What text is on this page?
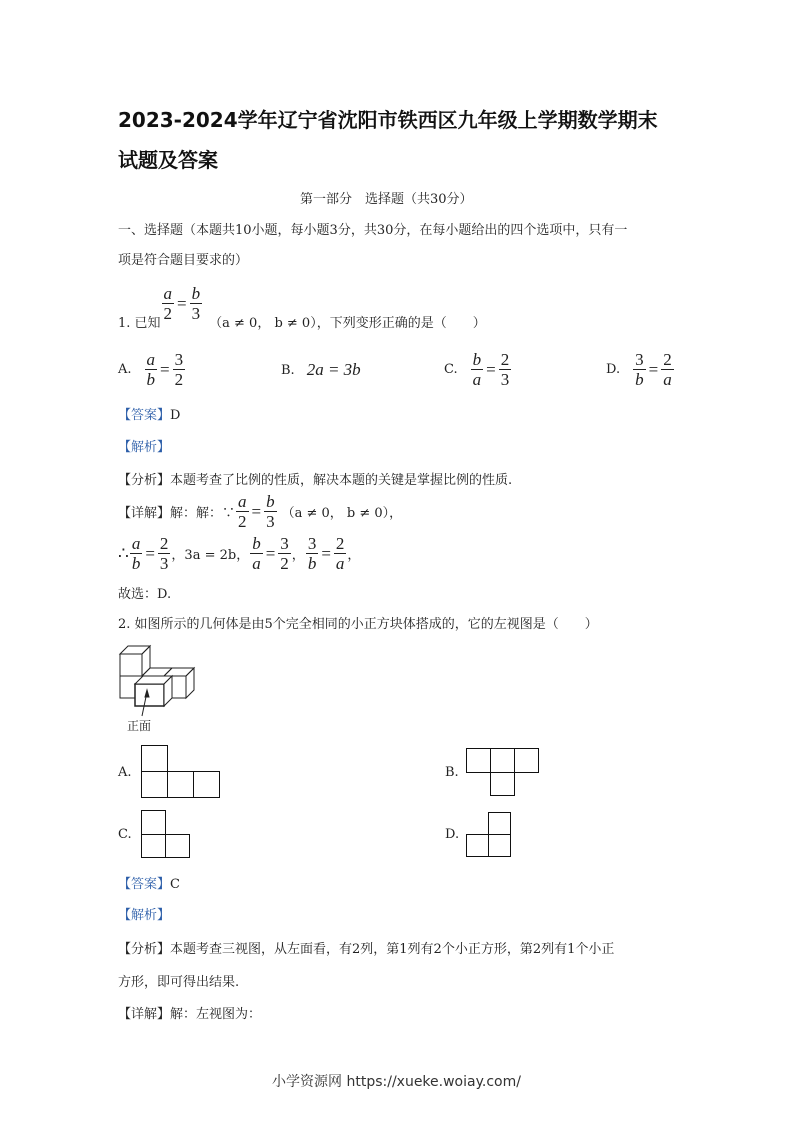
2023-2024学年辽宁省沈阳市铁西区九年级上学期数学期末
试题及答案
第一部分　选择题（共30分）
一、选择题（本题共10小题，每小题3分，共30分，在每小题给出的四个选项中，只有一
项是符合题目要求的）
1. 已知
$\frac{a}{2} = \frac{b}{3}$
（a ≠ 0， b ≠ 0），下列变形正确的是（　　）
A. $\frac{a}{b} = \frac{3}{2}$	B. 2a = 3b	C. $\frac{b}{a} = \frac{2}{3}$	D. $\frac{3}{b} = \frac{2}{a}$
【答案】D
【解析】
【分析】本题考查了比例的性质，解决本题的关键是掌握比例的性质.
【详解】 解：解：∵ $\frac{a}{2} = \frac{b}{3} (a \ne 0$， b ≠ 0），
∴ $\frac{a}{b} = \frac{2}{3}$ ，3a = 2b， $\frac{b}{a} = \frac{3}{2}$ ， $\frac{3}{b} = \frac{2}{a}$ ，
故选：D.
2. 如图所示的几何体是由5个完全相同的小正方块体搭成的，它的左视图是（　　）
正面
A.	B.
C.	D.
【答案】C
【解析】
【分析】本题考查三视图，从左面看，有2列，第1列有2个小正方形，第2列有1个小正
方形，即可得出结果.
【详解】解：左视图为：
小学资源网 https://xueke.woiay.com/
